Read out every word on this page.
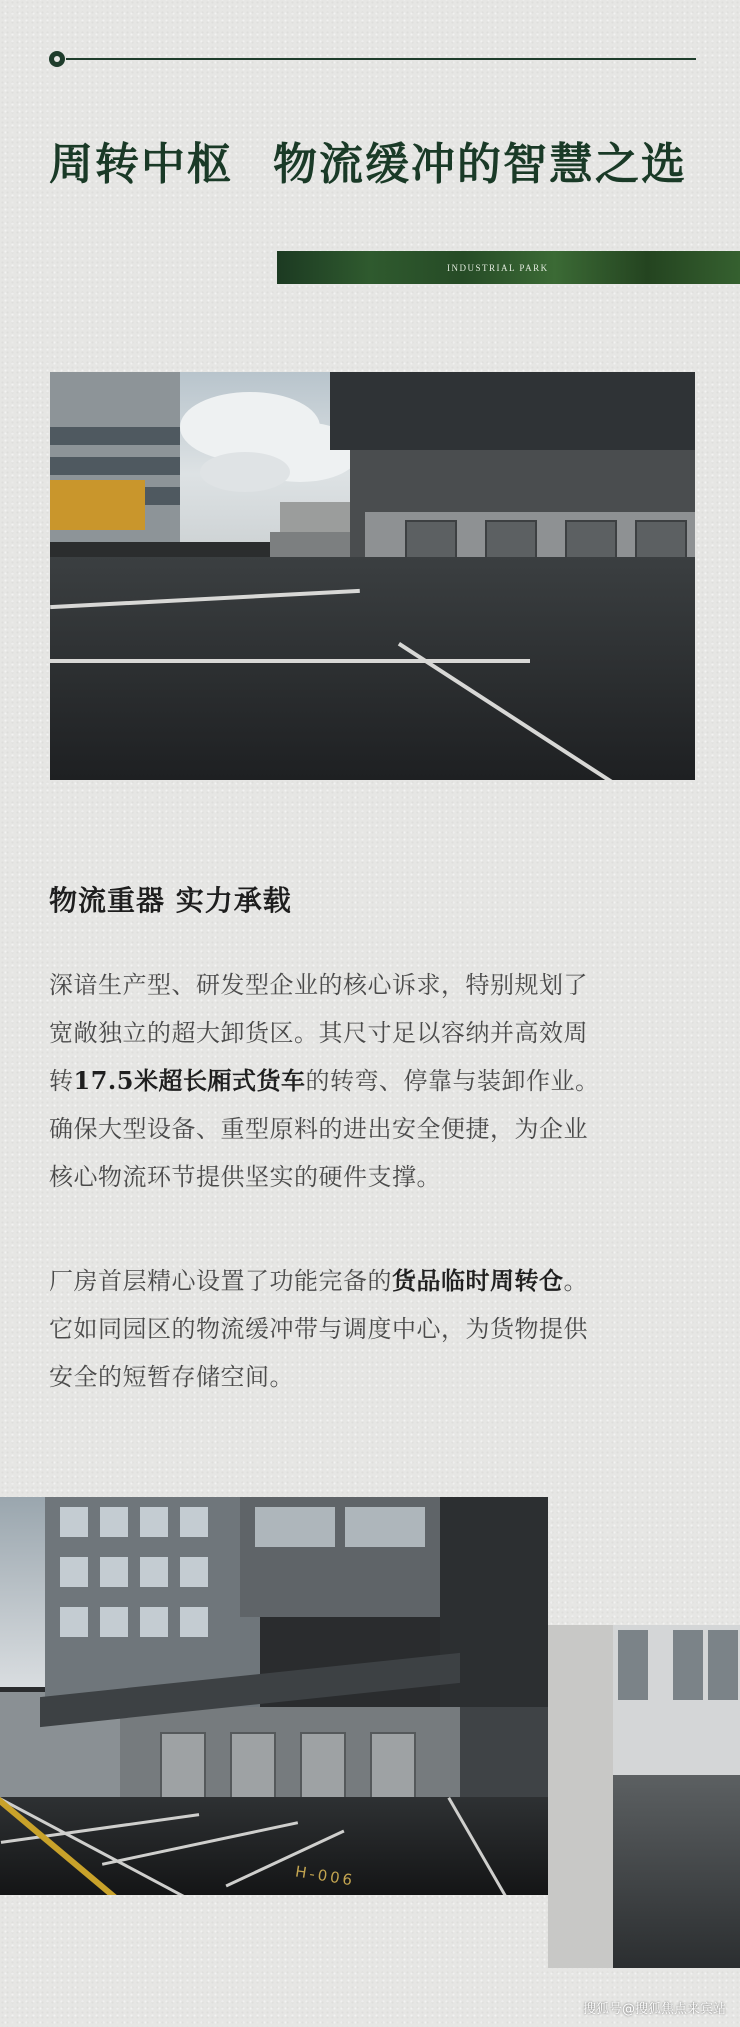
周转中枢 物流缓冲的智慧之选
INDUSTRIAL PARK
物流重器 实力承载
深谙生产型、研发型企业的核心诉求，特别规划了
宽敞独立的超大卸货区。其尺寸足以容纳并高效周
转17.5米超长厢式货车的转弯、停靠与装卸作业。
确保大型设备、重型原料的进出安全便捷，为企业
核心物流环节提供坚实的硬件支撑。
厂房首层精心设置了功能完备的货品临时周转仓。
它如同园区的物流缓冲带与调度中心，为货物提供
安全的短暂存储空间。
H-006
搜狐号@搜狐焦点来宾站
